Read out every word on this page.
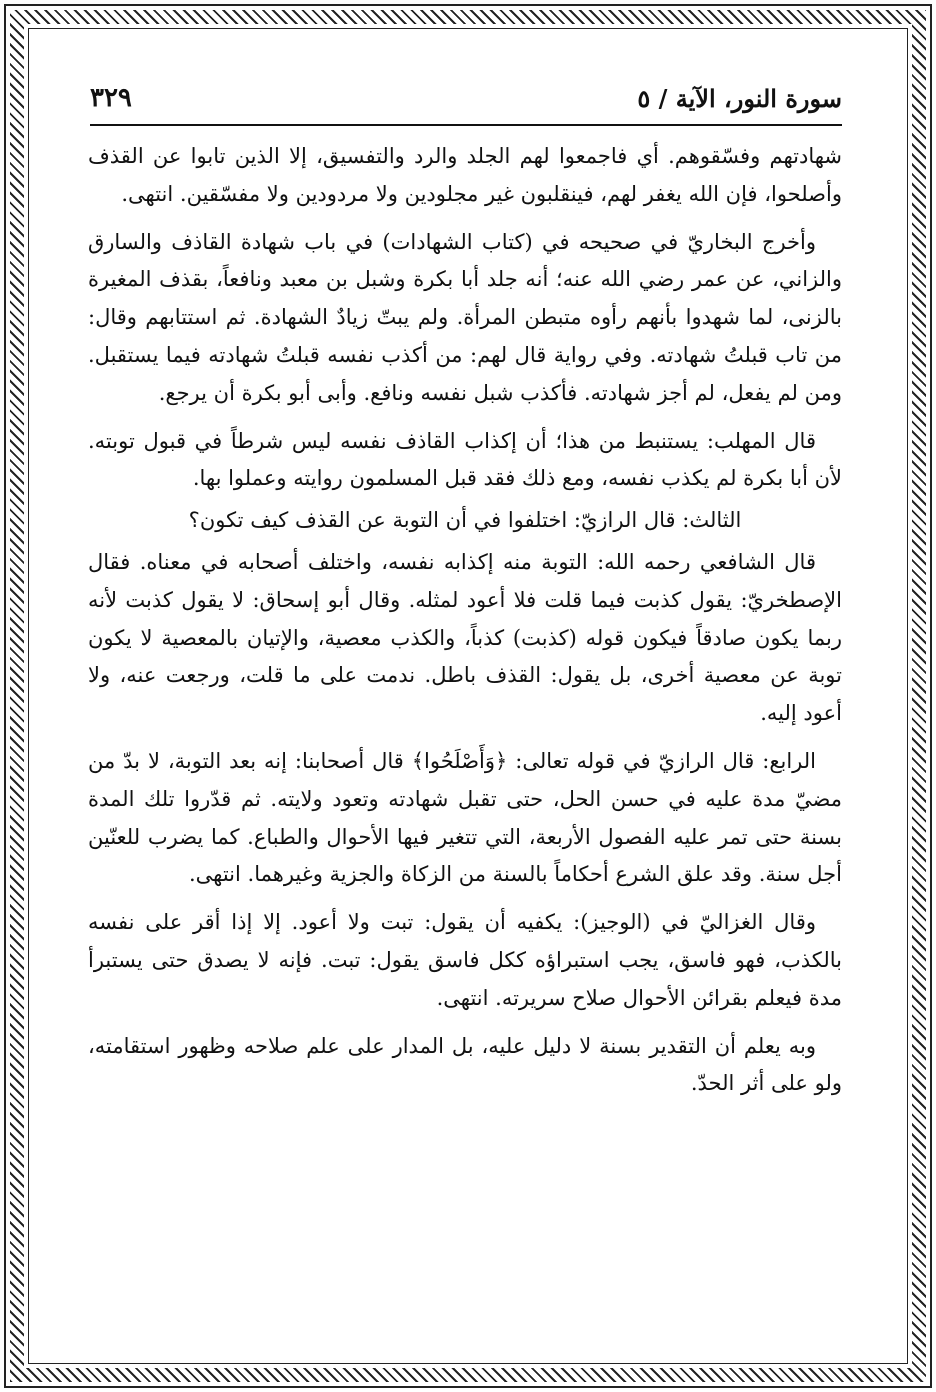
سورة النور، الآية / ٥
٣٢٩

شهادتهم وفسّقوهم. أي فاجمعوا لهم الجلد والرد والتفسيق، إلا الذين تابوا عن القذف وأصلحوا، فإن الله يغفر لهم، فينقلبون غير مجلودين ولا مردودين ولا مفسّقين. انتهى.

وأخرج البخاريّ في صحيحه في (كتاب الشهادات) في باب شهادة القاذف والسارق والزاني، عن عمر رضي الله عنه؛ أنه جلد أبا بكرة وشبل بن معبد ونافعاً، بقذف المغيرة بالزنى، لما شهدوا بأنهم رأوه متبطن المرأة. ولم يبتّ زيادٌ الشهادة. ثم استتابهم وقال: من تاب قبلتُ شهادته. وفي رواية قال لهم: من أكذب نفسه قبلتُ شهادته فيما يستقبل. ومن لم يفعل، لم أجز شهادته. فأكذب شبل نفسه ونافع. وأبى أبو بكرة أن يرجع.

قال المهلب: يستنبط من هذا؛ أن إكذاب القاذف نفسه ليس شرطاً في قبول توبته. لأن أبا بكرة لم يكذب نفسه، ومع ذلك فقد قبل المسلمون روايته وعملوا بها.

الثالث: قال الرازيّ: اختلفوا في أن التوبة عن القذف كيف تكون؟

قال الشافعي رحمه الله: التوبة منه إكذابه نفسه، واختلف أصحابه في معناه. فقال الإصطخريّ: يقول كذبت فيما قلت فلا أعود لمثله. وقال أبو إسحاق: لا يقول كذبت لأنه ربما يكون صادقاً فيكون قوله (كذبت) كذباً، والكذب معصية، والإتيان بالمعصية لا يكون توبة عن معصية أخرى، بل يقول: القذف باطل. ندمت على ما قلت، ورجعت عنه، ولا أعود إليه.

الرابع: قال الرازيّ في قوله تعالى: ﴿وَأَصْلَحُوا﴾ قال أصحابنا: إنه بعد التوبة، لا بدّ من مضيّ مدة عليه في حسن الحل، حتى تقبل شهادته وتعود ولايته. ثم قدّروا تلك المدة بسنة حتى تمر عليه الفصول الأربعة، التي تتغير فيها الأحوال والطباع. كما يضرب للعنّين أجل سنة. وقد علق الشرع أحكاماً بالسنة من الزكاة والجزية وغيرهما. انتهى.

وقال الغزاليّ في (الوجيز): يكفيه أن يقول: تبت ولا أعود. إلا إذا أقر على نفسه بالكذب، فهو فاسق، يجب استبراؤه ككل فاسق يقول: تبت. فإنه لا يصدق حتى يستبرأ مدة فيعلم بقرائن الأحوال صلاح سريرته. انتهى.

وبه يعلم أن التقدير بسنة لا دليل عليه، بل المدار على علم صلاحه وظهور استقامته، ولو على أثر الحدّ.
